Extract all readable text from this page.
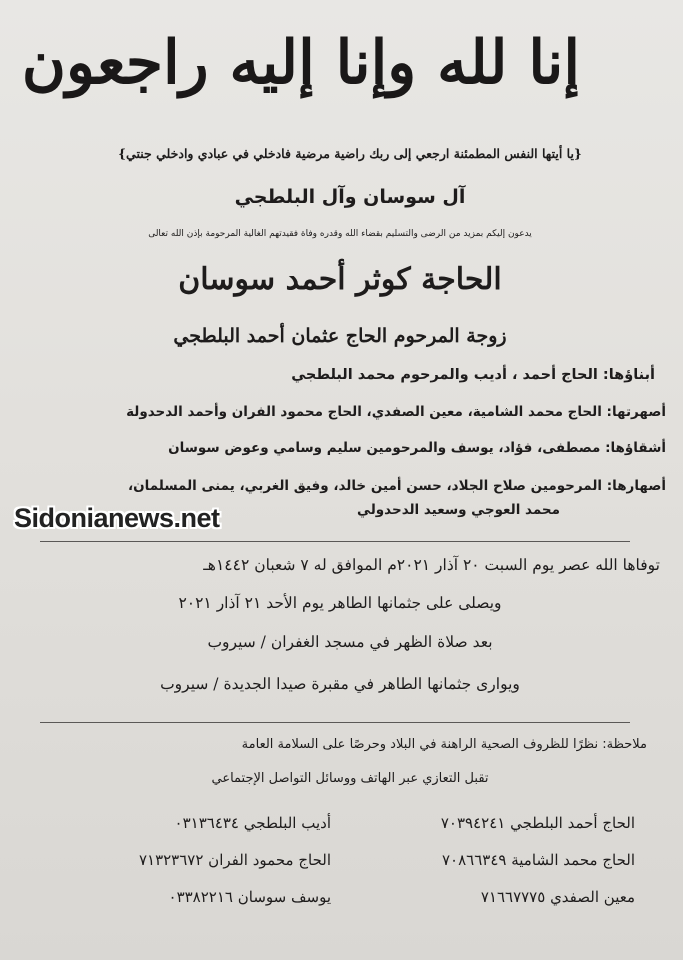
إنا لله وإنا إليه راجعون
{يا أيتها النفس المطمئنة ارجعي إلى ربك راضية مرضية فادخلي في عبادي وادخلي جنتي}
آل سوسان وآل البلطجي
يدعون إليكم بمزيد من الرضى والتسليم بقضاء الله وقدره وفاة فقيدتهم الغالية المرحومة بإذن الله تعالى
الحاجة كوثر أحمد سوسان
زوجة المرحوم الحاج عثمان أحمد البلطجي
أبناؤها: الحاج أحمد ، أديب والمرحوم محمد البلطجي
أصهرتها: الحاج محمد الشامية، معين الصفدي، الحاج محمود الفران وأحمد الدحدولة
أشقاؤها: مصطفى، فؤاد، يوسف والمرحومين سليم وسامي وعوض سوسان
أصهارها: المرحومين صلاح الجلاد، حسن أمين خالد، وفيق الغربي، يمنى المسلمان،
محمد العوجي وسعيد الدحدولي
Sidonianews.net
توفاها الله عصر يوم السبت ٢٠ آذار ٢٠٢١م الموافق له ٧ شعبان ١٤٤٢هـ
ويصلى على جثمانها الطاهر يوم الأحد ٢١ آذار ٢٠٢١
بعد صلاة الظهر في مسجد الغفران / سيروب
ويوارى جثمانها الطاهر في مقبرة صيدا الجديدة / سيروب
ملاحظة: نظرًا للظروف الصحية الراهنة في البلاد وحرصًا على السلامة العامة
تقبل التعازي عبر الهاتف ووسائل التواصل الإجتماعي
الحاج أحمد البلطجي ٧٠٣٩٤٢٤١
أديب البلطجي ٠٣١٣٦٤٣٤
الحاج محمد الشامية ٧٠٨٦٦٣٤٩
الحاج محمود الفران ٧١٣٢٣٦٧٢
معين الصفدي ٧١٦٦٧٧٧٥
يوسف سوسان ٠٣٣٨٢٢١٦
